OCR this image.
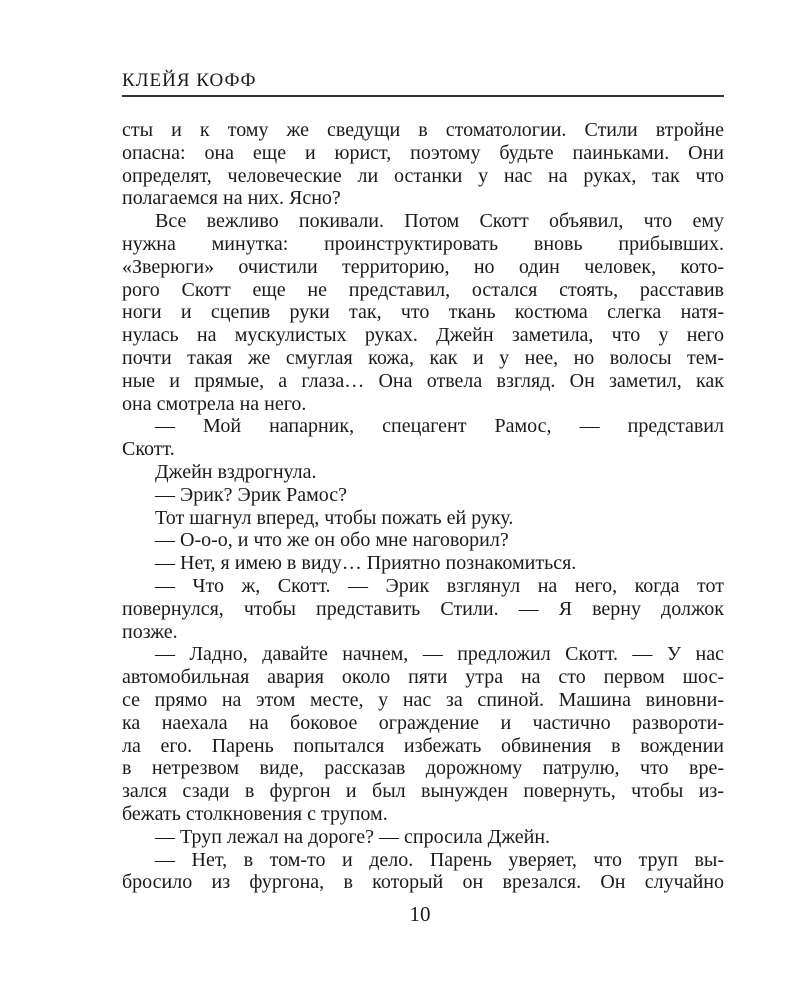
КЛЕЙЯ КОФФ
сты и к тому же сведущи в стоматологии. Стили втройне
опасна: она еще и юрист, поэтому будьте паиньками. Они
определят, человеческие ли останки у нас на руках, так что
полагаемся на них. Ясно?
Все вежливо покивали. Потом Скотт объявил, что ему
нужна минутка: проинструктировать вновь прибывших.
«Зверюги» очистили территорию, но один человек, кото-
рого Скотт еще не представил, остался стоять, расставив
ноги и сцепив руки так, что ткань костюма слегка натя-
нулась на мускулистых руках. Джейн заметила, что у него
почти такая же смуглая кожа, как и у нее, но волосы тем-
ные и прямые, а глаза… Она отвела взгляд. Он заметил, как
она смотрела на него.
— Мой напарник, спецагент Рамос, — представил
Скотт.
Джейн вздрогнула.
— Эрик? Эрик Рамос?
Тот шагнул вперед, чтобы пожать ей руку.
— О-о-о, и что же он обо мне наговорил?
— Нет, я имею в виду… Приятно познакомиться.
— Что ж, Скотт. — Эрик взглянул на него, когда тот
повернулся, чтобы представить Стили. — Я верну должок
позже.
— Ладно, давайте начнем, — предложил Скотт. — У нас
автомобильная авария около пяти утра на сто первом шос-
се прямо на этом месте, у нас за спиной. Машина виновни-
ка наехала на боковое ограждение и частично развороти-
ла его. Парень попытался избежать обвинения в вождении
в нетрезвом виде, рассказав дорожному патрулю, что вре-
зался сзади в фургон и был вынужден повернуть, чтобы из-
бежать столкновения с трупом.
— Труп лежал на дороге? — спросила Джейн.
— Нет, в том-то и дело. Парень уверяет, что труп вы-
бросило из фургона, в который он врезался. Он случайно
10
